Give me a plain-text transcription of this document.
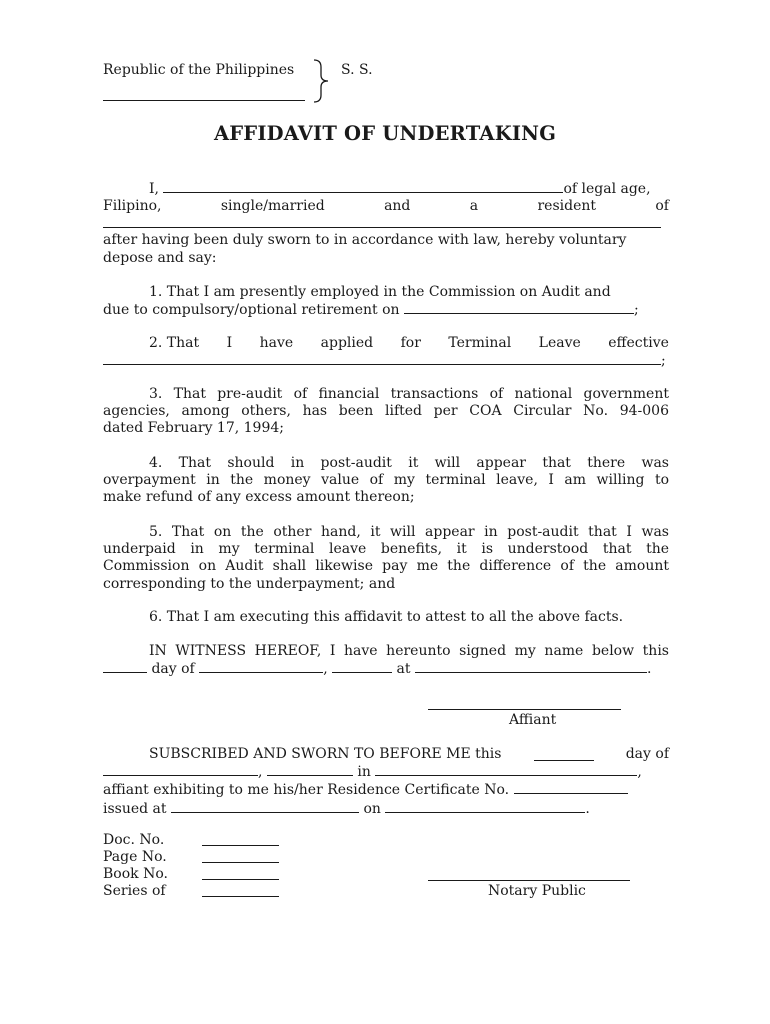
Republic of the Philippines	S. S.
AFFIDAVIT OF UNDERTAKING
I,	of legal age,
Filipino,	single/married	and	a	resident	of
after having been duly sworn to in accordance with law, hereby voluntary
depose and say:
1. That I am presently employed in the Commission on Audit and
due to compulsory/optional retirement on	;
2. That I have applied for Terminal Leave effective
;
3. That pre-audit of financial transactions of national government
agencies, among others, has been lifted per COA Circular No. 94-006
dated February 17, 1994;
4. That should in post-audit it will appear that there was
overpayment in the money value of my terminal leave, I am willing to
make refund of any excess amount thereon;
5. That on the other hand, it will appear in post-audit that I was
underpaid in my terminal leave benefits, it is understood that the
Commission on Audit shall likewise pay me the difference of the amount
corresponding to the underpayment; and
6. That I am executing this affidavit to attest to all the above facts.
IN WITNESS HEREOF, I have hereunto signed my name below this
day of	,	at	.
Affiant
SUBSCRIBED AND SWORN TO BEFORE ME this	day of
,	in	,
affiant exhibiting to me his/her Residence Certificate No.
issued at	on	.
Doc. No.
Page No.
Book No.
Series of	Notary Public
